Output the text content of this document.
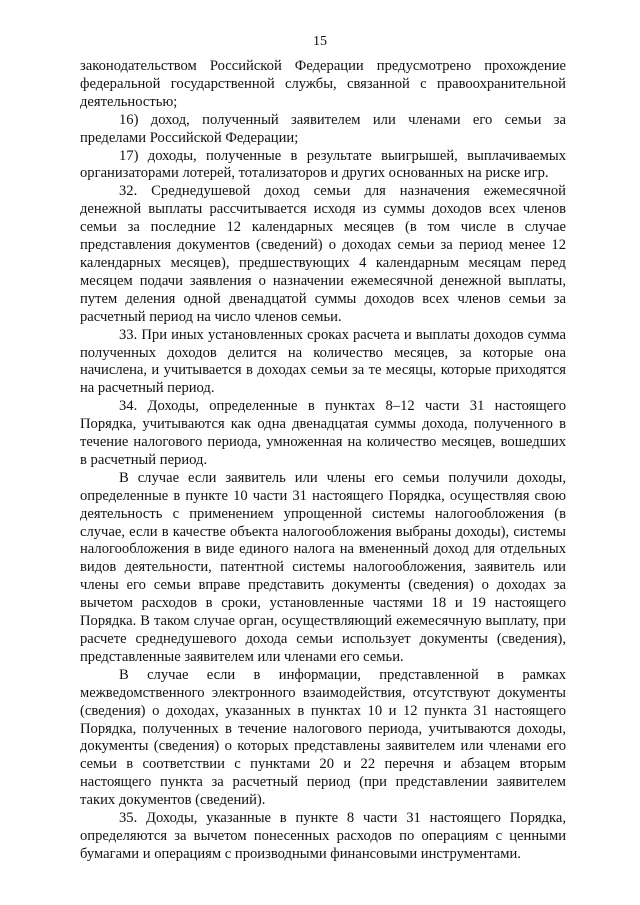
15

законодательством Российской Федерации предусмотрено прохождение федеральной государственной службы, связанной с правоохранительной деятельностью;

16) доход, полученный заявителем или членами его семьи за пределами Российской Федерации;

17) доходы, полученные в результате выигрышей, выплачиваемых организаторами лотерей, тотализаторов и других основанных на риске игр.

32. Среднедушевой доход семьи для назначения ежемесячной денежной выплаты рассчитывается исходя из суммы доходов всех членов семьи за последние 12 календарных месяцев (в том числе в случае представления документов (сведений) о доходах семьи за период менее 12 календарных месяцев), предшествующих 4 календарным месяцам перед месяцем подачи заявления о назначении ежемесячной денежной выплаты, путем деления одной двенадцатой суммы доходов всех членов семьи за расчетный период на число членов семьи.

33. При иных установленных сроках расчета и выплаты доходов сумма полученных доходов делится на количество месяцев, за которые она начислена, и учитывается в доходах семьи за те месяцы, которые приходятся на расчетный период.

34. Доходы, определенные в пунктах 8–12 части 31 настоящего Порядка, учитываются как одна двенадцатая суммы дохода, полученного в течение налогового периода, умноженная на количество месяцев, вошедших в расчетный период.

В случае если заявитель или члены его семьи получили доходы, определенные в пункте 10 части 31 настоящего Порядка, осуществляя свою деятельность с применением упрощенной системы налогообложения (в случае, если в качестве объекта налогообложения выбраны доходы), системы налогообложения в виде единого налога на вмененный доход для отдельных видов деятельности, патентной системы налогообложения, заявитель или члены его семьи вправе представить документы (сведения) о доходах за вычетом расходов в сроки, установленные частями 18 и 19 настоящего Порядка. В таком случае орган, осуществляющий ежемесячную выплату, при расчете среднедушевого дохода семьи использует документы (сведения), представленные заявителем или членами его семьи.

В случае если в информации, представленной в рамках межведомственного электронного взаимодействия, отсутствуют документы (сведения) о доходах, указанных в пунктах 10 и 12 пункта 31 настоящего Порядка, полученных в течение налогового периода, учитываются доходы, документы (сведения) о которых представлены заявителем или членами его семьи в соответствии с пунктами 20 и 22 перечня и абзацем вторым настоящего пункта за расчетный период (при представлении заявителем таких документов (сведений).

35. Доходы, указанные в пункте 8 части 31 настоящего Порядка, определяются за вычетом понесенных расходов по операциям с ценными бумагами и операциям с производными финансовыми инструментами.
